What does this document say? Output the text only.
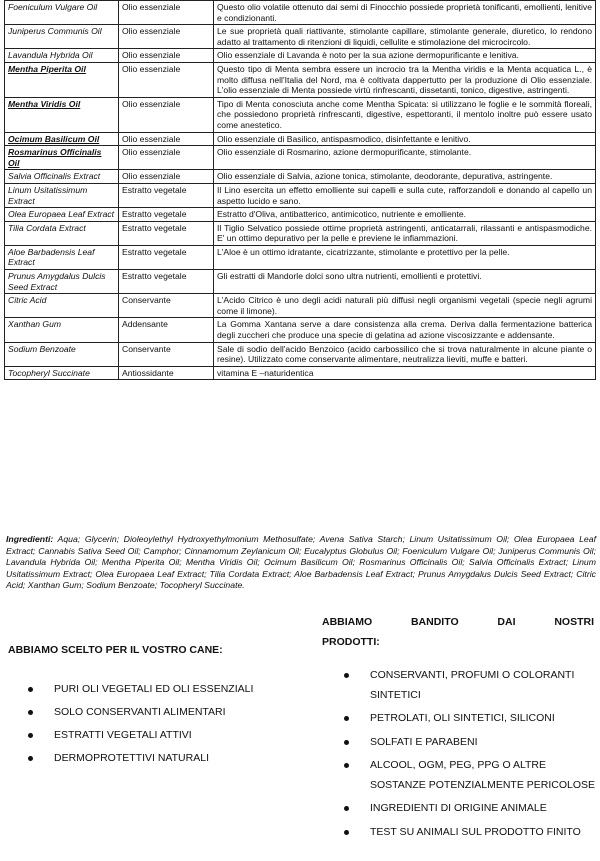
Foeniculum Vulgare Oil	Olio essenziale	Questo olio volatile ottenuto dai semi di Finocchio possiede proprietà tonificanti, emollienti, lenitive e condizionanti.
Juniperus Communis Oil	Olio essenziale	Le sue proprietà quali riattivante, stimolante capillare, stimolante generale, diuretico, lo rendono adatto al trattamento di ritenzioni di liquidi, cellulite e stimolazione del microcircolo.
Lavandula Hybrida Oil	Olio essenziale	Olio essenziale di Lavanda è noto per la sua azione dermopurificante e lenitiva.
Mentha Piperita Oil	Olio essenziale	Questo tipo di Menta sembra essere un incrocio tra la Mentha viridis e la Menta acquatica L., è molto diffusa nell'Italia del Nord, ma è coltivata dappertutto per la produzione di Olio essenziale. L'olio essenziale di Menta possiede virtù rinfrescanti, dissetanti, tonico, digestive, astringenti.
Mentha Viridis Oil	Olio essenziale	Tipo di Menta conosciuta anche come Mentha Spicata: si utilizzano le foglie e le sommità floreali, che possiedono proprietà rinfrescanti, digestive, espettoranti, il mentolo inoltre può essere usato come anestetico.
Ocimum Basilicum Oil	Olio essenziale	Olio essenziale di Basilico, antispasmodico, disinfettante e lenitivo.
Rosmarinus Officinalis Oil	Olio essenziale	Olio essenziale di Rosmarino, azione dermopurificante, stimolante.
Salvia Officinalis Extract	Olio essenziale	Olio essenziale di Salvia, azione tonica, stimolante, deodorante, depurativa, astringente.
Linum Usitatissimum Extract	Estratto vegetale	Il Lino esercita un effetto emolliente sui capelli e sulla cute, rafforzandoli e donando al capello un aspetto lucido e sano.
Olea Europaea Leaf Extract	Estratto vegetale	Estratto d'Oliva, antibatterico, antimicotico, nutriente e emolliente.
Tilia Cordata Extract	Estratto vegetale	Il Tiglio Selvatico possiede ottime proprietà astringenti, anticatarrali, rilassanti e antispasmodiche. E' un ottimo depurativo per la pelle e previene le infiammazioni.
Aloe Barbadensis Leaf Extract	Estratto vegetale	L'Aloe è un ottimo idratante, cicatrizzante, stimolante e protettivo per la pelle.
Prunus Amygdalus Dulcis Seed Extract	Estratto vegetale	Gli estratti di Mandorle dolci sono ultra nutrienti, emollienti e protettivi.
Citric Acid	Conservante	L'Acido Citrico è uno degli acidi naturali più diffusi negli organismi vegetali (specie negli agrumi come il limone).
Xanthan Gum	Addensante	La Gomma Xantana serve a dare consistenza alla crema. Deriva dalla fermentazione batterica degli zuccheri che produce una specie di gelatina ad azione viscosizzante e addensante.
Sodium Benzoate	Conservante	Sale di sodio dell'acido Benzoico (acido carbossilico che si trova naturalmente in alcune piante o resine). Utilizzato come conservante alimentare, neutralizza lieviti, muffe e batteri.
Tocopheryl Succinate	Antiossidante	vitamina E –naturidentica

Ingredienti: Aqua; Glycerin; Dioleoylethyl Hydroxyethylmonium Methosulfate; Avena Sativa Starch; Linum Usitatissimum Oil; Olea Europaea Leaf Extract; Cannabis Sativa Seed Oil; Camphor; Cinnamomum Zeylanicum Oil; Eucalyptus Globulus Oil; Foeniculum Vulgare Oil; Juniperus Communis Oil; Lavandula Hybrida Oil; Mentha Piperita Oil; Mentha Viridis Oil; Ocimum Basilicum Oil; Rosmarinus Officinalis Oil; Salvia Officinalis Extract; Linum Usitatissimum Extract; Olea Europaea Leaf Extract; Tilia Cordata Extract; Aloe Barbadensis Leaf Extract; Prunus Amygdalus Dulcis Seed Extract; Citric Acid; Xanthan Gum; Sodium Benzoate; Tocopheryl Succinate.

ABBIAMO SCELTO PER IL VOSTRO CANE:
PURI OLI VEGETALI ED OLI ESSENZIALI
SOLO CONSERVANTI ALIMENTARI
ESTRATTI VEGETALI ATTIVI
DERMOPROTETTIVI NATURALI

ABBIAMO BANDITO DAI NOSTRI
PRODOTTI:

CONSERVANTI, PROFUMI O COLORANTI SINTETICI
PETROLATI, OLI SINTETICI, SILICONI
SOLFATI E PARABENI
ALCOOL, OGM, PEG, PPG O ALTRE SOSTANZE POTENZIALMENTE PERICOLOSE
INGREDIENTI DI ORIGINE ANIMALE
TEST SU ANIMALI SUL PRODOTTO FINITO
